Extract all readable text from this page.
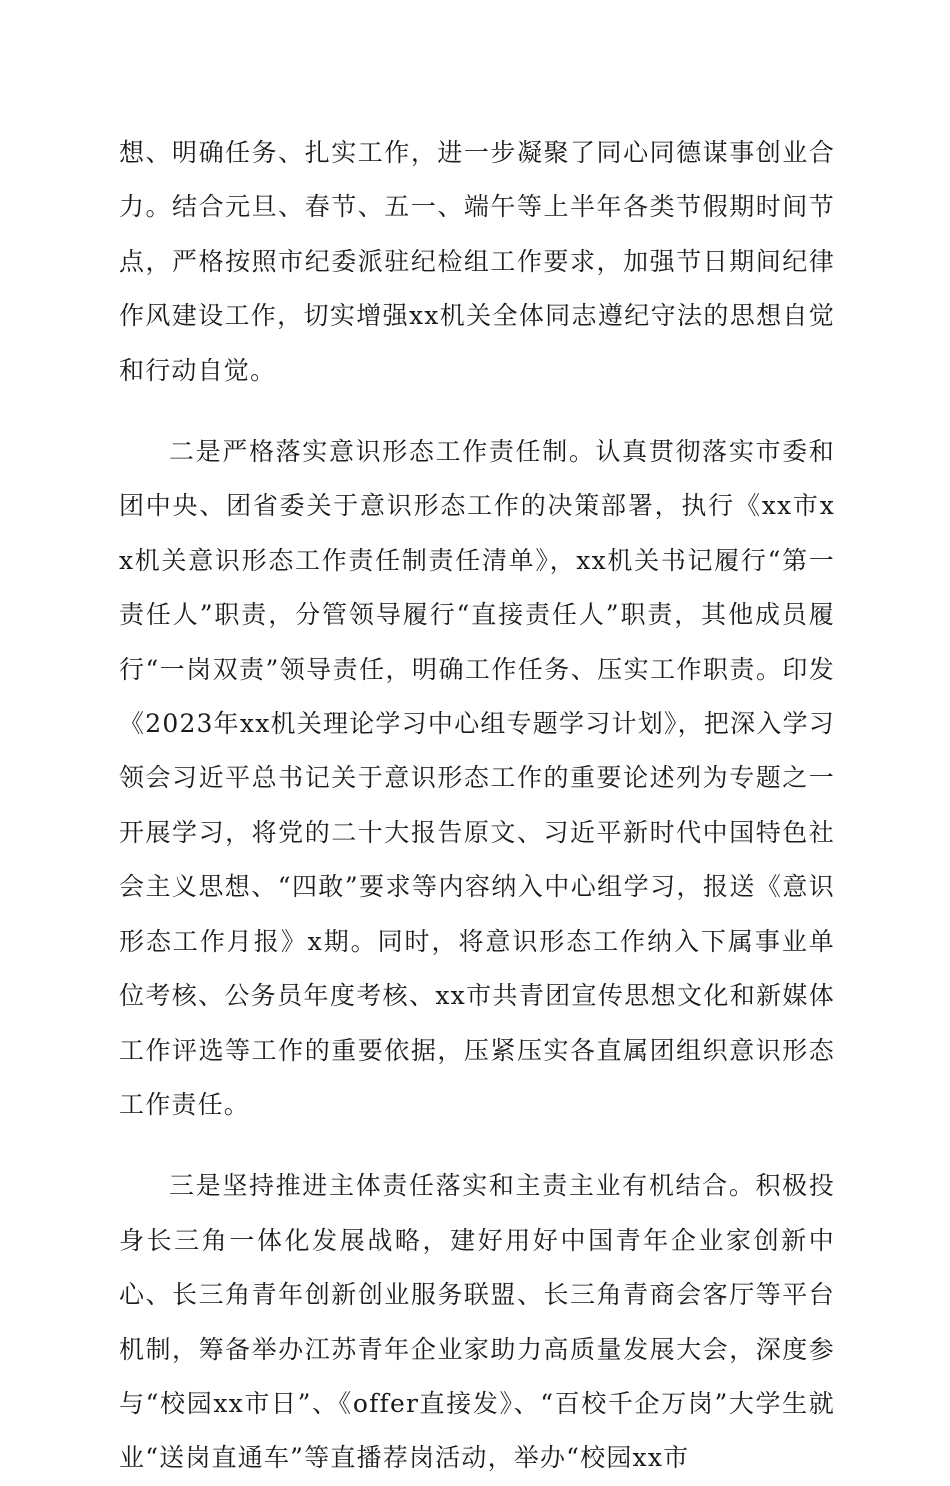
想、明确任务、扎实工作，进一步凝聚了同心同德谋事创业合力。结合元旦、春节、五一、端午等上半年各类节假期时间节点，严格按照市纪委派驻纪检组工作要求，加强节日期间纪律作风建设工作，切实增强xx机关全体同志遵纪守法的思想自觉和行动自觉。

二是严格落实意识形态工作责任制。认真贯彻落实市委和团中央、团省委关于意识形态工作的决策部署，执行《xx市xx机关意识形态工作责任制责任清单》，xx机关书记履行“第一责任人”职责，分管领导履行“直接责任人”职责，其他成员履行“一岗双责”领导责任，明确工作任务、压实工作职责。印发《2023年xx机关理论学习中心组专题学习计划》，把深入学习领会习近平总书记关于意识形态工作的重要论述列为专题之一开展学习，将党的二十大报告原文、习近平新时代中国特色社会主义思想、“四敢”要求等内容纳入中心组学习，报送《意识形态工作月报》x期。同时，将意识形态工作纳入下属事业单位考核、公务员年度考核、xx市共青团宣传思想文化和新媒体工作评选等工作的重要依据，压紧压实各直属团组织意识形态工作责任。

三是坚持推进主体责任落实和主责主业有机结合。积极投身长三角一体化发展战略，建好用好中国青年企业家创新中心、长三角青年创新创业服务联盟、长三角青商会客厅等平台机制，筹备举办江苏青年企业家助力高质量发展大会，深度参与“校园xx市日”、《offer直接发》、“百校千企万岗”大学生就业“送岗直通车”等直播荐岗活动，举办“校园xx市
